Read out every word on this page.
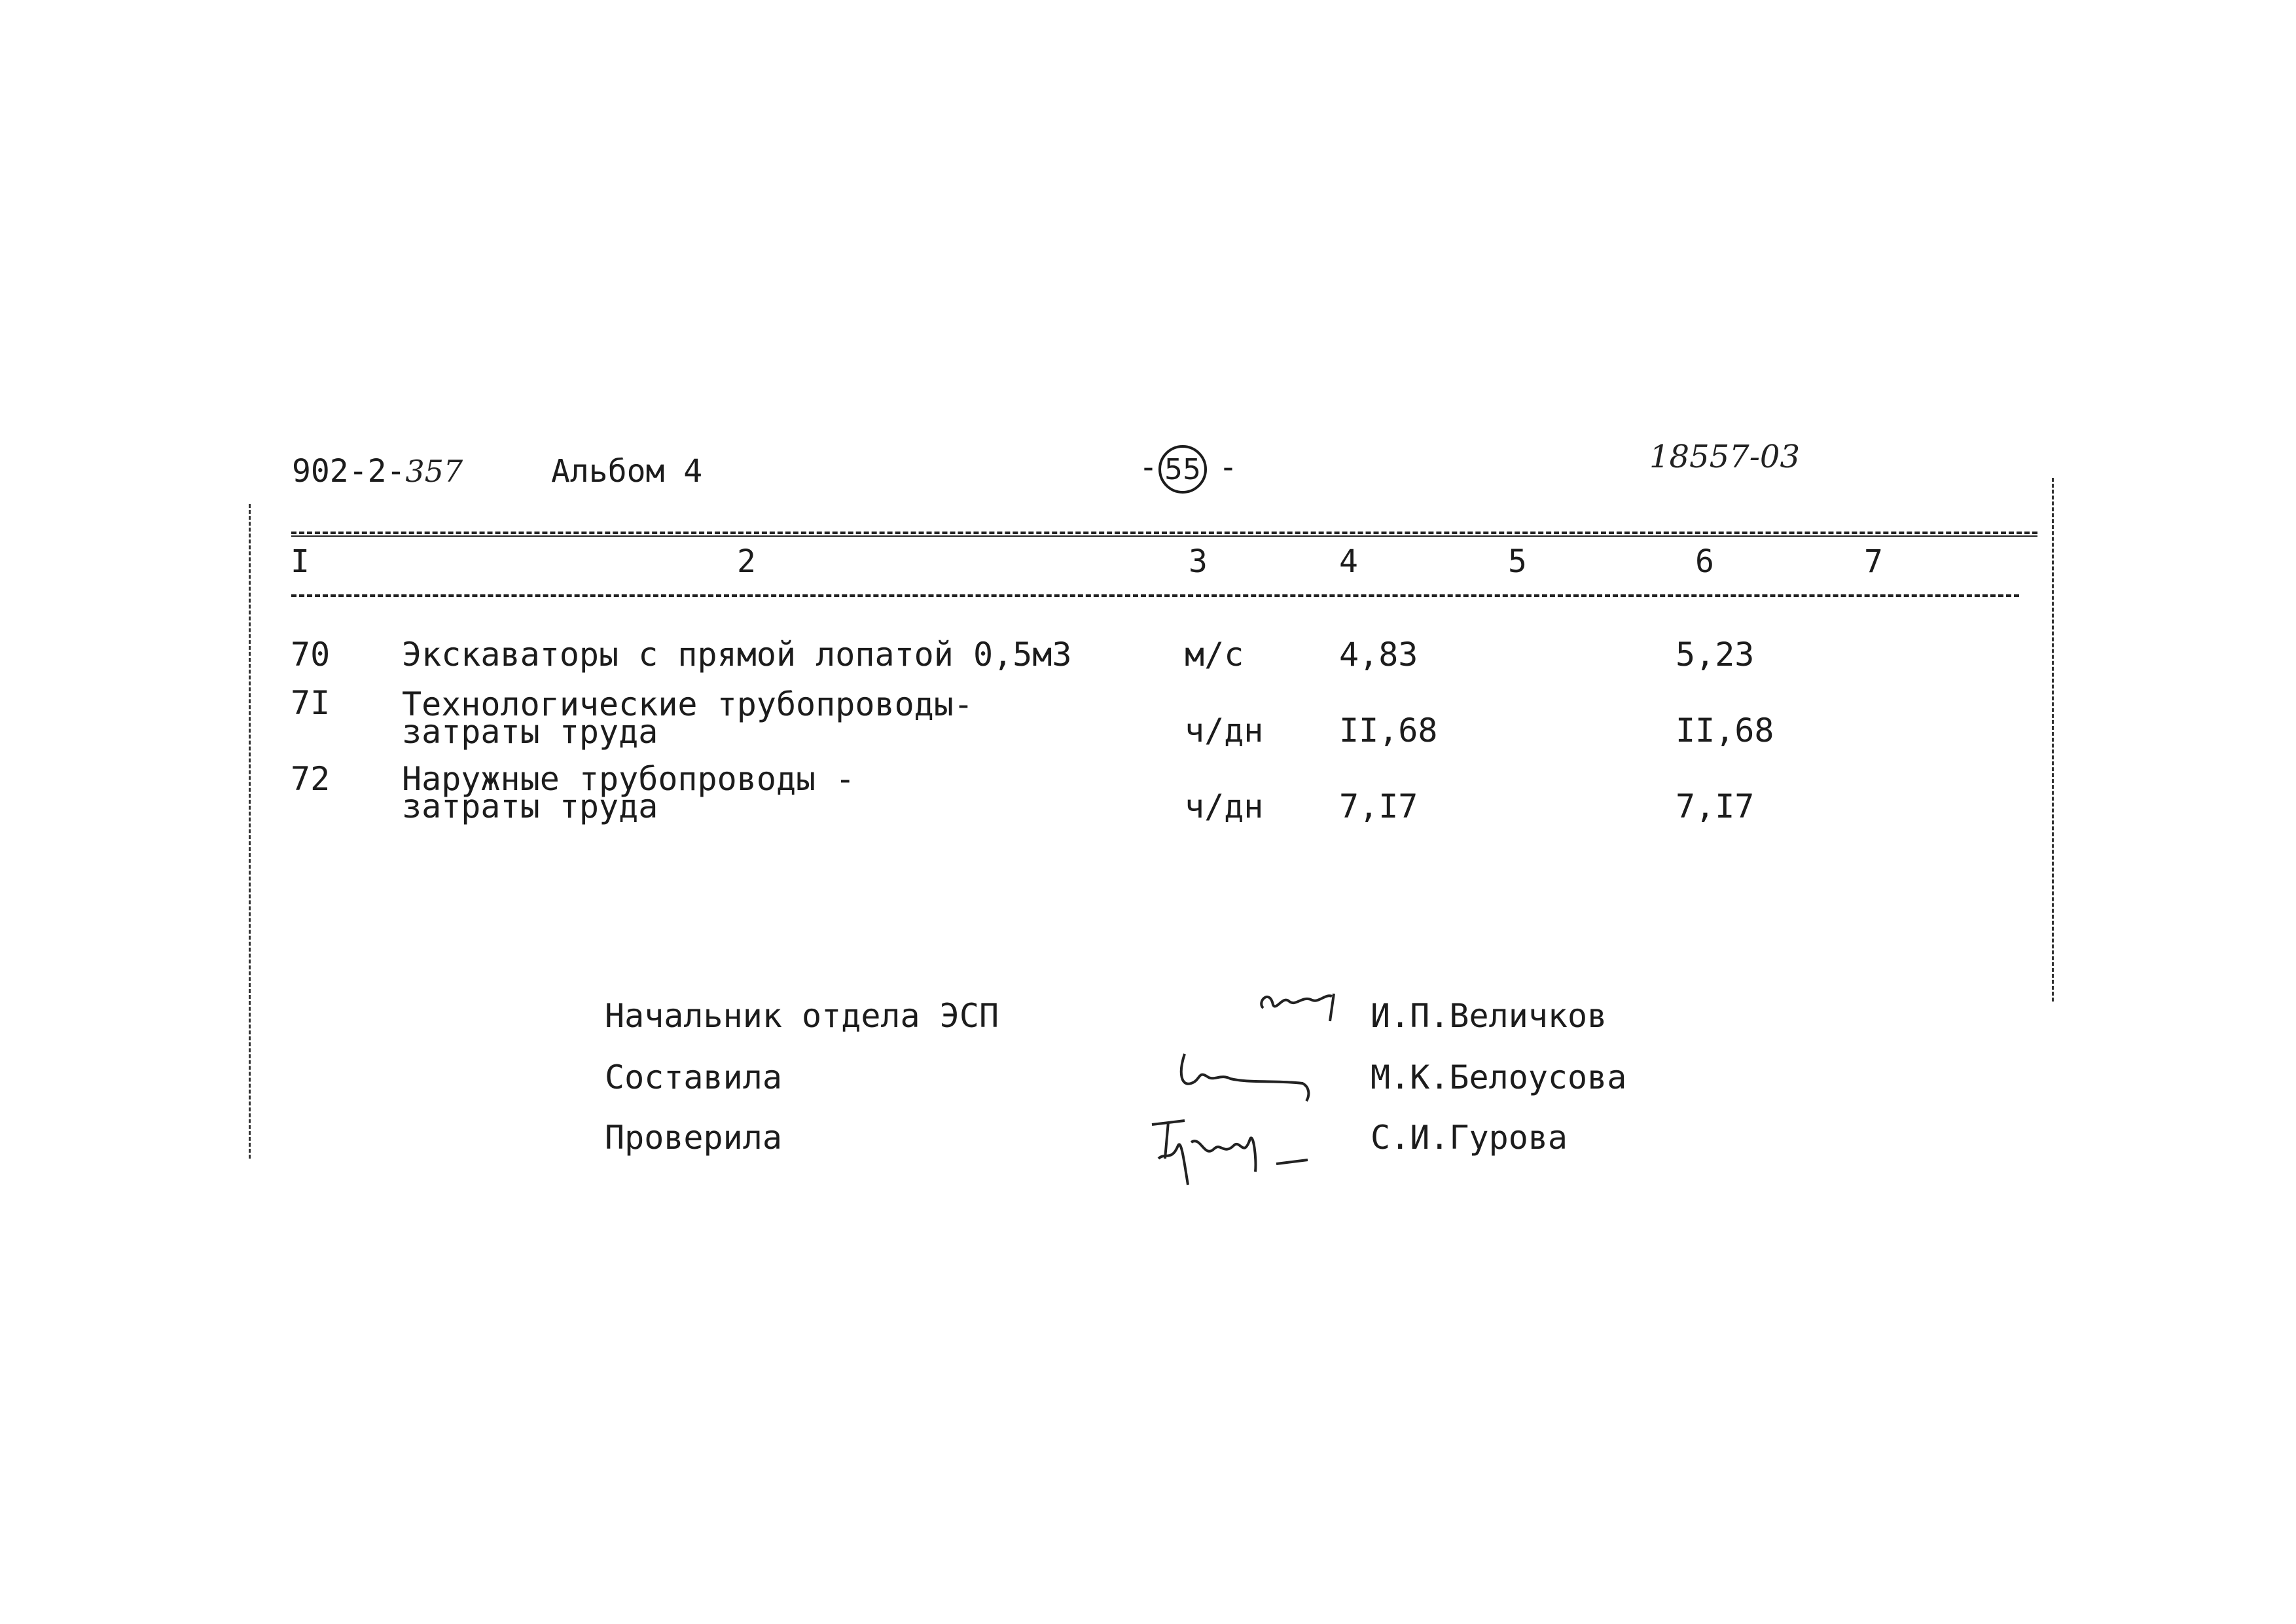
902-2-357	Альбом 4	- 55 -	18557-03
I	2	3	4	5	6	7
70 Экскаваторы с прямой лопатой 0,5м3	м/с	4,83	5,23
7I Технологические трубопроводы-
затраты труда	ч/дн II,68	II,68
72 Наружные трубопроводы -
затраты труда	ч/дн 7,I7	7,I7
Начальник отдела ЭСП	И.П.Величков
Составила	М.К.Белоусова
Проверила	С.И.Гурова
